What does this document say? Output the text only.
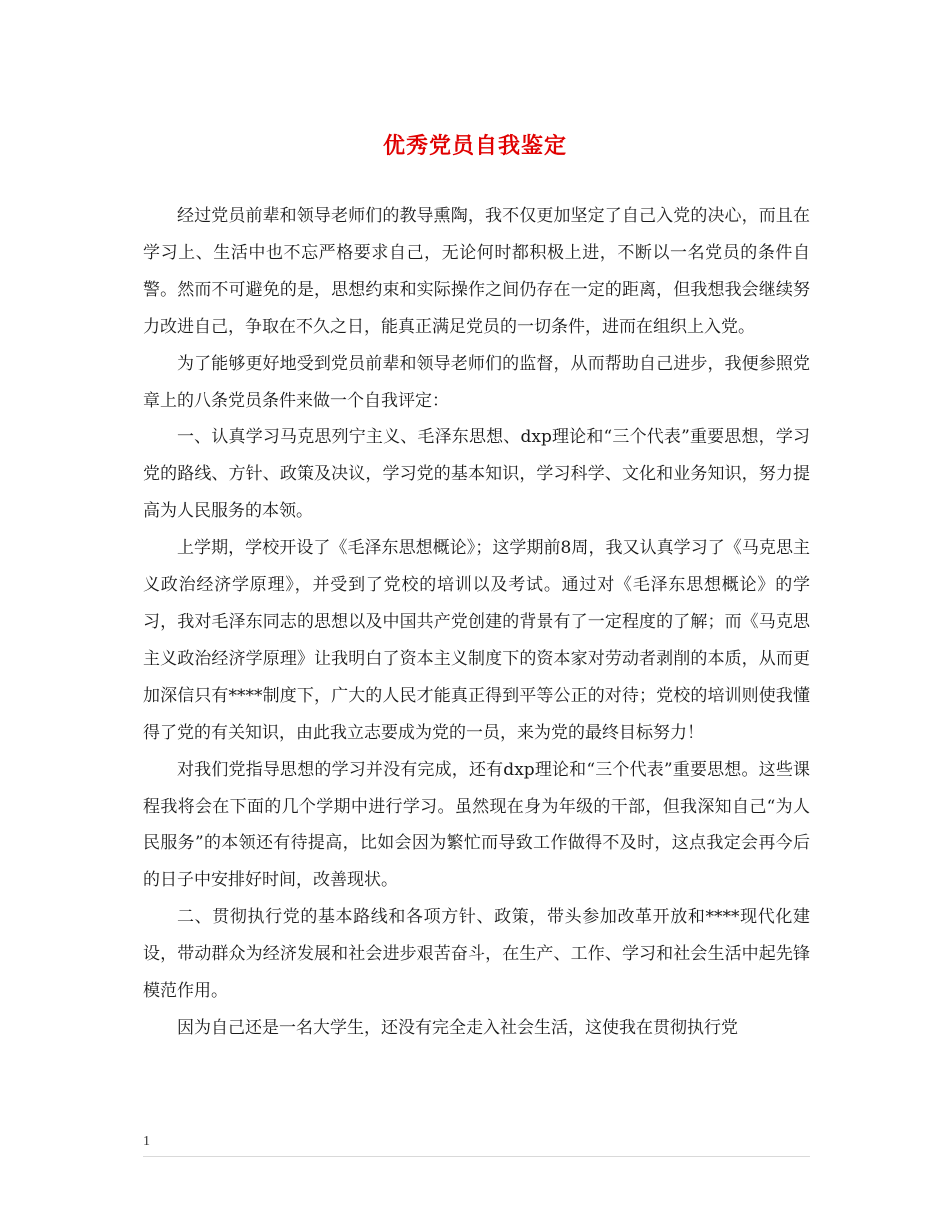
优秀党员自我鉴定

经过党员前辈和领导老师们的教导熏陶，我不仅更加坚定了自己入党的决心，而且在学习上、生活中也不忘严格要求自己，无论何时都积极上进，不断以一名党员的条件自警。然而不可避免的是，思想约束和实际操作之间仍存在一定的距离，但我想我会继续努力改进自己，争取在不久之日，能真正满足党员的一切条件，进而在组织上入党。

为了能够更好地受到党员前辈和领导老师们的监督，从而帮助自己进步，我便参照党章上的八条党员条件来做一个自我评定：

一、认真学习马克思列宁主义、毛泽东思想、dxp理论和“三个代表”重要思想，学习党的路线、方针、政策及决议，学习党的基本知识，学习科学、文化和业务知识，努力提高为人民服务的本领。

上学期，学校开设了《毛泽东思想概论》；这学期前8周，我又认真学习了《马克思主义政治经济学原理》，并受到了党校的培训以及考试。通过对《毛泽东思想概论》的学习，我对毛泽东同志的思想以及中国共产党创建的背景有了一定程度的了解；而《马克思主义政治经济学原理》让我明白了资本主义制度下的资本家对劳动者剥削的本质，从而更加深信只有****制度下，广大的人民才能真正得到平等公正的对待；党校的培训则使我懂得了党的有关知识，由此我立志要成为党的一员，来为党的最终目标努力！

对我们党指导思想的学习并没有完成，还有dxp理论和“三个代表”重要思想。这些课程我将会在下面的几个学期中进行学习。虽然现在身为年级的干部，但我深知自己“为人民服务”的本领还有待提高，比如会因为繁忙而导致工作做得不及时，这点我定会再今后的日子中安排好时间，改善现状。

二、贯彻执行党的基本路线和各项方针、政策，带头参加改革开放和****现代化建设，带动群众为经济发展和社会进步艰苦奋斗，在生产、工作、学习和社会生活中起先锋模范作用。

因为自己还是一名大学生，还没有完全走入社会生活，这使我在贯彻执行党

1
